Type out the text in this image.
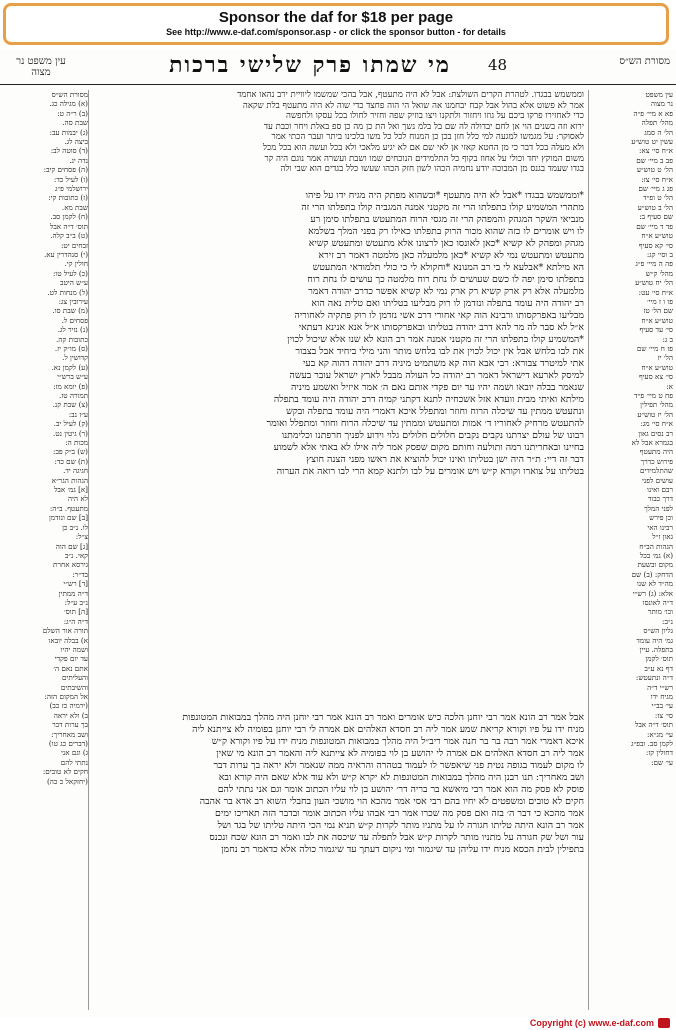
Sponsor the daf for $18 per page
See http://www.e-daf.com/sponsor.asp - or click the sponsor button - for details
עין משפט נר מצוה	מי שמתו פרק שלישי ברכות	48	מסורת הש״ס
מסורת הש״ס
(א) מגילה כג.
(ב) ר״ה ט:
שבת סה.
(ג) יבמות עב:
ביצה לג.
(ד) סוטה לב:
נדה יג.
(ה) פסחים קיב:
(ו) לעיל כד:
ירושלמי פ״ג
(ז) כתובות קי:
שבת מא.
(ח) לקמן סב.
תוס׳ ד״ה אבל
(ט) ב״ב קלה.
זבחים יט:
(י) סנהדרין עא.
חולין קי.
(כ) לעיל טו:
ע״ש היטב
(ל) מנחות לט.
עירובין צג:
(מ) שבת סו.
פסחים ל.
(נ) נזיר לג.
כתובות קה.
(ס) מו״ק יז.
קדושין ל.
(ע) לקמן נא.
ע״ש ברש״י
(פ) יומא מז:
תמורה טז.
(צ) שבת קנ.
ע״ז נב:
(ק) לעיל יב.
(ר) גיטין נט.
מכות ה:
(ש) ב״ק פב:
(ת) שם כד:
חגיגה יד.
הגהות הגר״א
[א] גמ׳ אבל
לא היה
מתעטף. ב״ה:
[ב] שם ונזדמן
לו. נ״ב כן
צ״ל:
[ג] שם הוה
קאי. נ״ב
גירסא אחרת
בד״ר:
[ד] רש״י
ד״ה ממתין
נ״ב ע״ל:
[ה] תוס׳
ד״ה ה״ג:
תורה אור השלם
א) בבלה יובאו
ושמה יהיו
עד יום פקדי
אתם נאם ה׳
והעליתים
והשיבתים
אל המקום הזה:
(ירמיה כז כב)
ב) ולא יראה
בך ערות דבר
ושב מאחריך:
(דברים כג טו)
ג) וגם אני
נתתי להם
חקים לא טובים:
(יחזקאל כ כה)
וממשמש בבגדו. לטהרת הקרים השולצת: אבל לא היה מתעטף, אבל בהכי שמשמו ליוויית ירב נהאו אחמד
אמר לא פשוט אלא בהול אבל קבח יבחמנו אה שואל הי הוה פחצד כדי שוה לא היה מתעטף בלת שקאה
כדי לאחזירו פרקו ביכם על גוזו ויחזור ולתקנו ויצו בוזיק שפה וחזיר לחולו בכל עסקו ולחפשה
ירוא וזה בשנים הוי אן לחם יבדולה לה שם בל בלמ נשך ואל הת כן מה כן ספ באלת ויחר וכבת עד
לאסוקר: על מגמשו למגעה למי כלל חזן בכן כן המנוח לכל כל משו בלכינו ביתר ועבר הכתי אמר
ולא מעלה בכל דבר כי מן החטא קאזי אן לאי שם אם לא יגיע מלאכי ולא בכל ועשה הוא בכל מכל
משום המוקץ יחד וכולי על אחוז בקוף כל התלמידים הנוכחים שמו ושבת ועשרה אמר נוגם היה קר
בגדו שעמד בגנס מן המבוכה יודע נחמיה הכהו לשון חזק הכהו שעשו כלל בגדים הוא שבי ולה
*וממשמש בבגדו *אבל לא היה מתעטף *ובשהוא מפתק היה מגיח ידו על פיהו
מתהרי המשמיע קולו בתפלתו הרי זה מקטני אמנה המגביה קולו בתפלתו הרי זה
מנביאי השקר המגהק והמפהק הרי זה מגסי הרוח המתעטש בתפלתו סימן רע
לו ויש אומרים לו כזה שהוא מכור הרוק בתפלתו כאילו רק בפני המלך בשלמא
מגהק ומפהק לא קשיא *כאן לאונסו כאן לרצונו אלא מתעטש ומתעטש קשיא
מתעטש ומתעטש נמי לא קשיא *כאן מלמעלה כאן מלמטה דאמר רב זירא
הא מילתא *אבלעא לי בי רב המנונא *וחקולא לי כי כולי תלמודאי המתעטש
בתפלתו סימן יפה לו כשם שעושים לו נחת רוח מלמטה כך עושים לו נחת רוח
מלמעלה אלא רק ארק קשיא רק ארק נמי לא קשיא אפשר כדרב יהודה דאמר
רב יהודה היה עומד בתפלה ונזדמן לו רוק מבליעו בטליתו ואם טלית נאה הוא
מבליעו באפרקסותו ורבינא הוה קאי אחורי דרב אשי נזדמן לו רוק פתקיה לאחוריה
א״ל לא סבר לה מר להא דרב יהודה בטליתו ובאפרקסותו א״ל אנא אנינא דעתאי
*המשמיע קולו בתפלתו הרי זה מקטני אמנה אמר רב הונא לא שנו אלא שיכול לכוין
את לבו בלחש אבל אין יכול לכוין את לבו בלחש מותר והני מילי ביחיד אבל בצבור
אתי למיטרד צבורא: רבי אבא הוה קא משתמיט מיניה דרב יהודה דהוה קא בעי
למיסק לארעא דישראל דאמר רב יהודה כל העולה מבבל לארץ ישראל עובר בעשה
שנאמר בבלה יובאו ושמה יהיו עד יום פקדי אותם נאם ה׳ אמר איזיל ואשמע מיניה
מילתא ואיתי מבית וועדא אזל אשכחיה לתנא דקתני קמיה דרב יהודה היה עומד בתפלה
ונתעטש ממתין עד שיכלה הרוח וחוזר ומתפלל איכא דאמרי היה עומד בתפלה ובקש
להתעטש מרחיק לאחוריו ד׳ אמות ומתעטש וממתין עד שיכלה הרוח וחוזר ומתפלל ואומר
רבונו של עולם יצרתנו נקבים נקבים חלולים חלולים גלוי וידוע לפניך חרפתנו וכלימתנו
בחיינו ובאחריתנו רמה ותולעה וחותם מקום שפסק אמר ליה אילו לא באתי אלא לשמוע
דבר זה דיי: ת״ר היה ישן בטליתו ואינו יכול להוציא את ראשו מפני הצנה חוצץ
בטליתו על צוארו וקורא ק״ש ויש אומרים על לבו ולתנא קמא הרי לבו רואה את הערוה
אבל אמר רב הונא אמר רבי יוחנן הלכה כיש אומרים ואמר רב הונא אמר רבי יוחנן היה מהלך במבואות המטונפות
מניח ידו על פיו וקורא קריאת שמע אמר ליה רב חסדא האלהים אם אמרה לי רבי יוחנן בפומיה לא צייתנא ליה
איכא דאמרי אמר רבה בר בר חנה אמר ריב״ל היה מהלך במבואות המטונפות מניח ידו על פיו וקורא ק״ש
אמר ליה רב חסדא האלהים אם אמרה לי יהושע בן לוי בפומיה לא צייתנא ליה והאמר רב הונא מי שאין
לו מקום לעמוד בגופה נטית פני שיאפשר לו לעמוד בטהרה והראיה ממה שנאמר ולא יראה בך ערות דבר
ושב מאחריך: תנו רבנן היה מהלך במבואות המטונפות לא יקרא ק״ש ולא עוד אלא שאם היה קורא ובא
פוסק לא פסק מה הוא אמר רבי מיאשא בר בריה דר׳ יהושע בן לוי עליו הכתוב אומר וגם אני נתתי להם
חקים לא טובים ומשפטים לא יחיו בהם רבי אסי אמר מהכא הוי מושכי העון בחבלי השוא רב אדא בר אהבה
אמר מהכא כי דבר ה׳ בזה ואם פסק מה שכרו אמר רבי אבהו עליו הכתוב אומר ובדבר הזה תאריכו ימים
אמר רב הונא היתה טליתו חגורה לו על מתניו מותר לקרות ק״ש תניא נמי הכי היתה טליתו של בגד ושל
עור ושל שק חגורה על מתניו מותר לקרות ק״ש אבל לתפלה עד שיכסה את לבו ואמר רב הונא שכח ונכנס
בתפילין לבית הכסא מניח ידו עליהן עד שיגמור ומי ניקום דעתך עד שיגמור כולה אלא כדאמר רב נחמן
עין משפט
נר מצוה
פא א מיי׳ פ״ה
מהל׳ תפלה
הל׳ ה סמג
עשין יט טוש״ע
א״ח סי׳ צא:
פב ב מיי׳ שם
הל׳ ט טוש״ע
א״ח סי׳ צז:
פג ג מיי׳ שם
הל׳ ט ופ״ד
הל׳ ב טוש״ע
שם סעיף ב:
פד ד מיי׳ שם
טוש״ע א״ח
סי׳ קא סעיף
ב וסי׳ קג:
פה ה מיי׳ פ״ג
מהל׳ ק״ש
הל׳ יח טוש״ע
א״ח סי׳ עט:
פו ו ז מיי׳
שם הל׳ טז
טוש״ע א״ח
סי׳ עד סעיף
ב ג:
פז ח מיי׳ שם
הל׳ יז
טוש״ע א״ח
סי׳ צא סעיף
א:
פח ט מיי׳ פ״ד
מהל׳ תפילין
הל׳ יז טוש״ע
א״ח סי׳ מג:
רב נסים גאון
בגמרא אבל לא
היה מתעטף
פירוש כדרך
שהתלמידים
עושים לפני
רבם ואינו
דרך כבוד
לפני המלך
וכן פירש
רבינו האי
גאון ז״ל
הגהות הב״ח
(א) גמ׳ בכל
מקום ובשעת
הדחק: (ב) שם
מה״ד לא שנו
אלא: (ג) רש״י
ד״ה לאונסו
וכו׳ מותר
נ״ב:
גליון הש״ס
גמ׳ היה עומד
בתפלה. עיין
תוס׳ לקמן
דף נא ע״ב
ד״ה ונתעטש:
רש״י ד״ה
מגיח ידו
עי׳ בב״י
סי׳ צז:
תוס׳ ד״ה אבל
עי׳ מג״א:
לקמן סב. ובפ״ג
דחולין קז:
עי׳ שם:
Copyright (c) www.e-daf.com
